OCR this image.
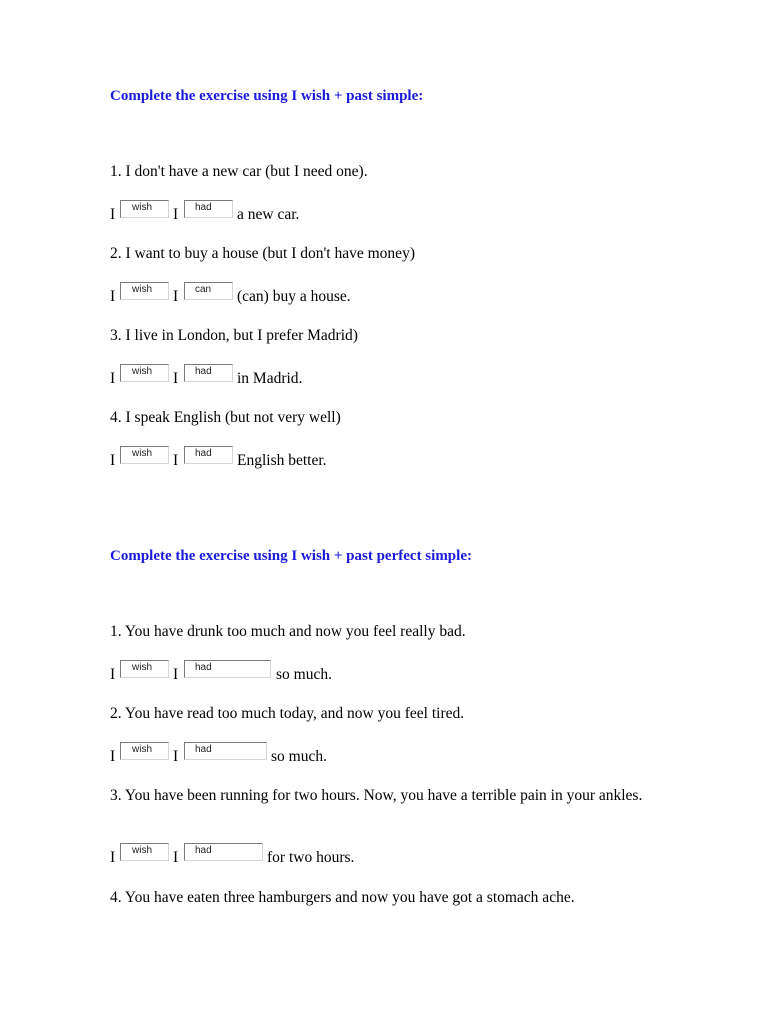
Complete the exercise using I wish + past simple:

1. I don't have a new car (but I need one).

I	wish	I	had	a new car.

2. I want to buy a house (but I don't have money)

I	wish	I	can	(can) buy a house.

3. I live in London, but I prefer Madrid)

I	wish	I	had	in Madrid.

4. I speak English (but not very well)

I	wish	I	had	English better.

Complete the exercise using I wish + past perfect simple:

1. You have drunk too much and now you feel really bad.

I	wish	I	had	so much.

2. You have read too much today, and now you feel tired.

I	wish	I	had	so much.

3. You have been running for two hours. Now, you have a terrible pain in your ankles.

I	wish	I	had	for two hours.

4. You have eaten three hamburgers and now you have got a stomach ache.
